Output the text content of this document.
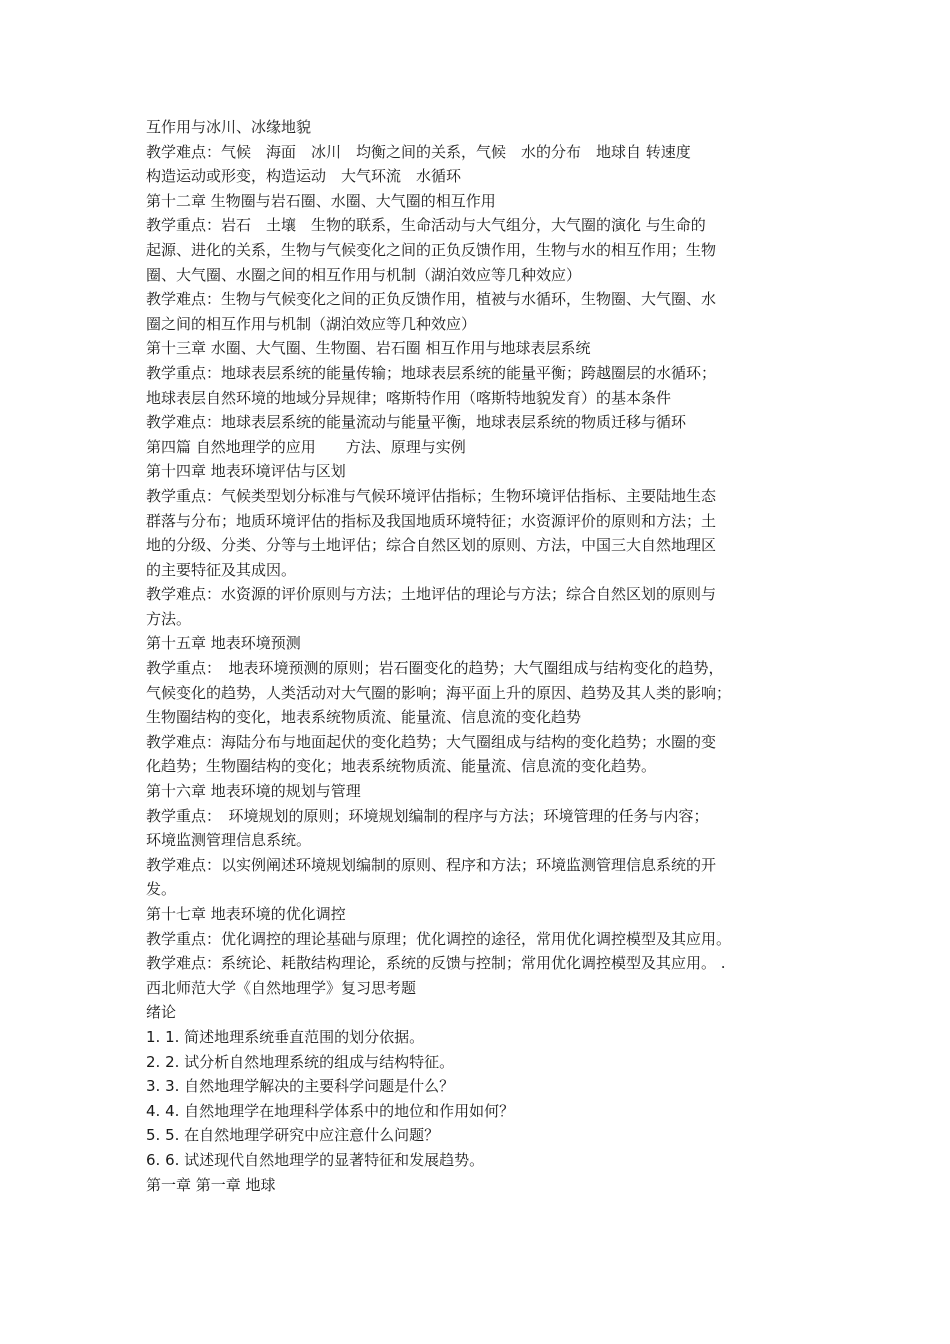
互作用与冰川、冰缘地貌
教学难点：气候　海面　冰川　均衡之间的关系，气候　水的分布　地球自 转速度
构造运动或形变，构造运动　大气环流　水循环
第十二章 生物圈与岩石圈、水圈、大气圈的相互作用
教学重点：岩石　土壤　生物的联系，生命活动与大气组分，大气圈的演化 与生命的
起源、进化的关系，生物与气候变化之间的正负反馈作用，生物与水的相互作用；生物
圈、大气圈、水圈之间的相互作用与机制（湖泊效应等几种效应）
教学难点：生物与气候变化之间的正负反馈作用，植被与水循环，生物圈、大气圈、水
圈之间的相互作用与机制（湖泊效应等几种效应）
第十三章 水圈、大气圈、生物圈、岩石圈 相互作用与地球表层系统
教学重点：地球表层系统的能量传输；地球表层系统的能量平衡；跨越圈层的水循环；
地球表层自然环境的地域分异规律；喀斯特作用（喀斯特地貌发育）的基本条件
教学难点：地球表层系统的能量流动与能量平衡，地球表层系统的物质迁移与循环
第四篇 自然地理学的应用　　方法、原理与实例
第十四章 地表环境评估与区划
教学重点：气候类型划分标准与气候环境评估指标；生物环境评估指标、主要陆地生态
群落与分布；地质环境评估的指标及我国地质环境特征；水资源评价的原则和方法；土
地的分级、分类、分等与土地评估；综合自然区划的原则、方法，中国三大自然地理区
的主要特征及其成因。
教学难点：水资源的评价原则与方法；土地评估的理论与方法；综合自然区划的原则与
方法。
第十五章 地表环境预测
教学重点：　地表环境预测的原则；岩石圈变化的趋势；大气圈组成与结构变化的趋势，
气候变化的趋势，人类活动对大气圈的影响；海平面上升的原因、趋势及其人类的影响；
生物圈结构的变化，地表系统物质流、能量流、信息流的变化趋势
教学难点：海陆分布与地面起伏的变化趋势；大气圈组成与结构的变化趋势；水圈的变
化趋势；生物圈结构的变化；地表系统物质流、能量流、信息流的变化趋势。
第十六章 地表环境的规划与管理
教学重点：　环境规划的原则；环境规划编制的程序与方法；环境管理的任务与内容；
环境监测管理信息系统。
教学难点：以实例阐述环境规划编制的原则、程序和方法；环境监测管理信息系统的开
发。
第十七章 地表环境的优化调控
教学重点：优化调控的理论基础与原理；优化调控的途径，常用优化调控模型及其应用。
教学难点：系统论、耗散结构理论，系统的反馈与控制；常用优化调控模型及其应用。 .
西北师范大学《自然地理学》复习思考题
绪论
1. 1. 简述地理系统垂直范围的划分依据。
2. 2. 试分析自然地理系统的组成与结构特征。
3. 3. 自然地理学解决的主要科学问题是什么？
4. 4. 自然地理学在地理科学体系中的地位和作用如何？
5. 5. 在自然地理学研究中应注意什么问题？
6. 6. 试述现代自然地理学的显著特征和发展趋势。
第一章 第一章 地球
